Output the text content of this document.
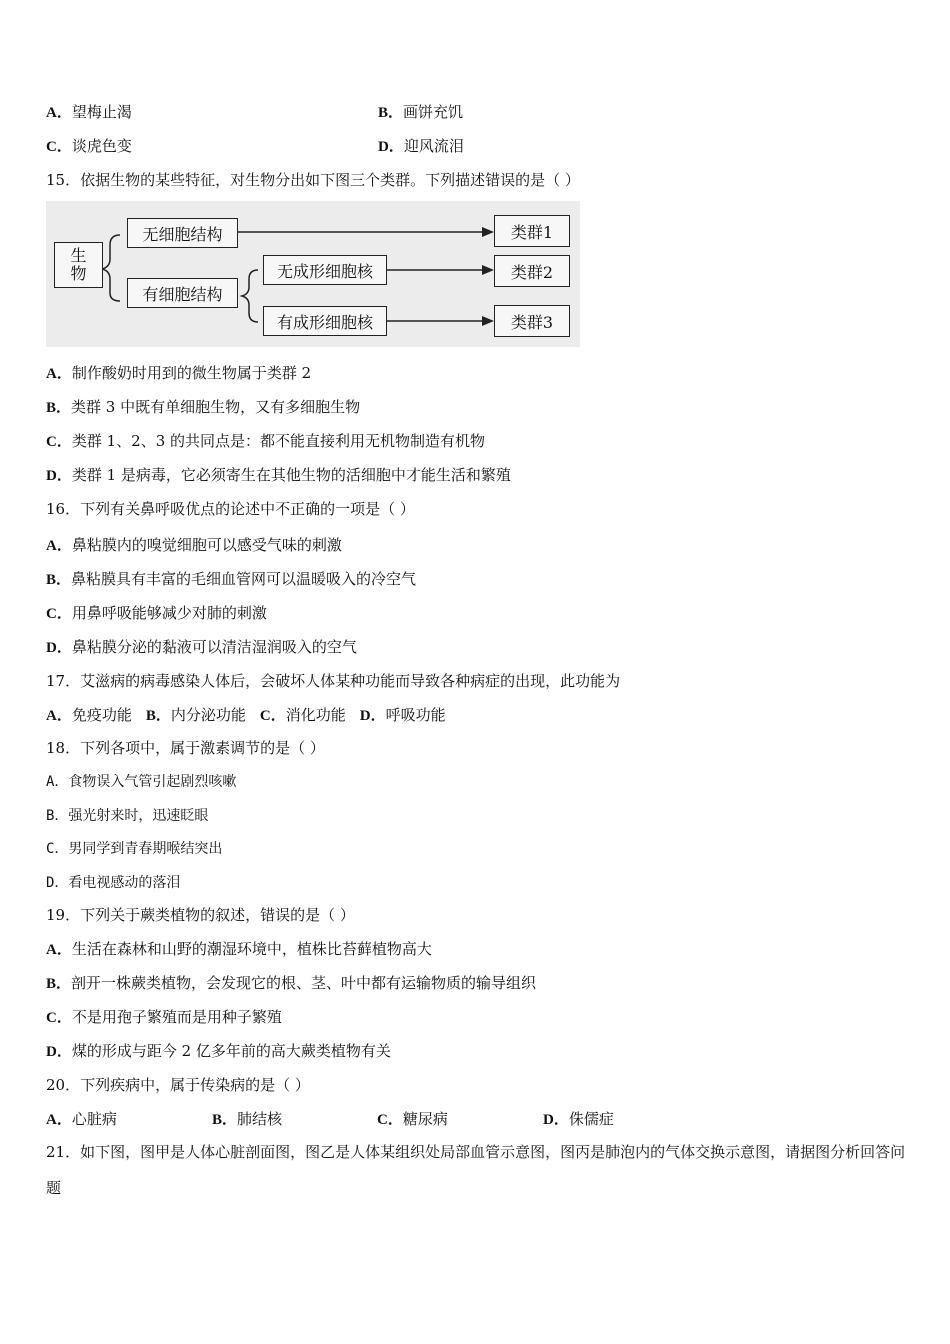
A．望梅止渴	B．画饼充饥
C．谈虎色变	D．迎风流泪
15．依据生物的某些特征，对生物分出如下图三个类群。下列描述错误的是（ ）
生物
无细胞结构
有细胞结构
无成形细胞核
有成形细胞核
类群1
类群2
类群3
A．制作酸奶时用到的微生物属于类群 2
B．类群 3 中既有单细胞生物，又有多细胞生物
C．类群 1、2、3 的共同点是：都不能直接利用无机物制造有机物
D．类群 1 是病毒，它必须寄生在其他生物的活细胞中才能生活和繁殖
16．下列有关鼻呼吸优点的论述中不正确的一项是（ ）
A．鼻粘膜内的嗅觉细胞可以感受气味的刺激
B．鼻粘膜具有丰富的毛细血管网可以温暖吸入的冷空气
C．用鼻呼吸能够减少对肺的刺激
D．鼻粘膜分泌的黏液可以清洁湿润吸入的空气
17．艾滋病的病毒感染人体后，会破坏人体某种功能而导致各种病症的出现，此功能为
A．免疫功能 B．内分泌功能 C．消化功能 D．呼吸功能
18．下列各项中，属于激素调节的是（ ）
A．食物误入气管引起剧烈咳嗽
B．强光射来时，迅速眨眼
C．男同学到青春期喉结突出
D．看电视感动的落泪
19．下列关于蕨类植物的叙述，错误的是（ ）
A．生活在森林和山野的潮湿环境中，植株比苔藓植物高大
B．剖开一株蕨类植物，会发现它的根、茎、叶中都有运输物质的输导组织
C．不是用孢子繁殖而是用种子繁殖
D．煤的形成与距今 2 亿多年前的高大蕨类植物有关
20．下列疾病中，属于传染病的是（ ）
A．心脏病	B．肺结核	C．糖尿病	D．侏儒症
21．如下图，图甲是人体心脏剖面图，图乙是人体某组织处局部血管示意图，图丙是肺泡内的气体交换示意图，请据图分析回答问题
